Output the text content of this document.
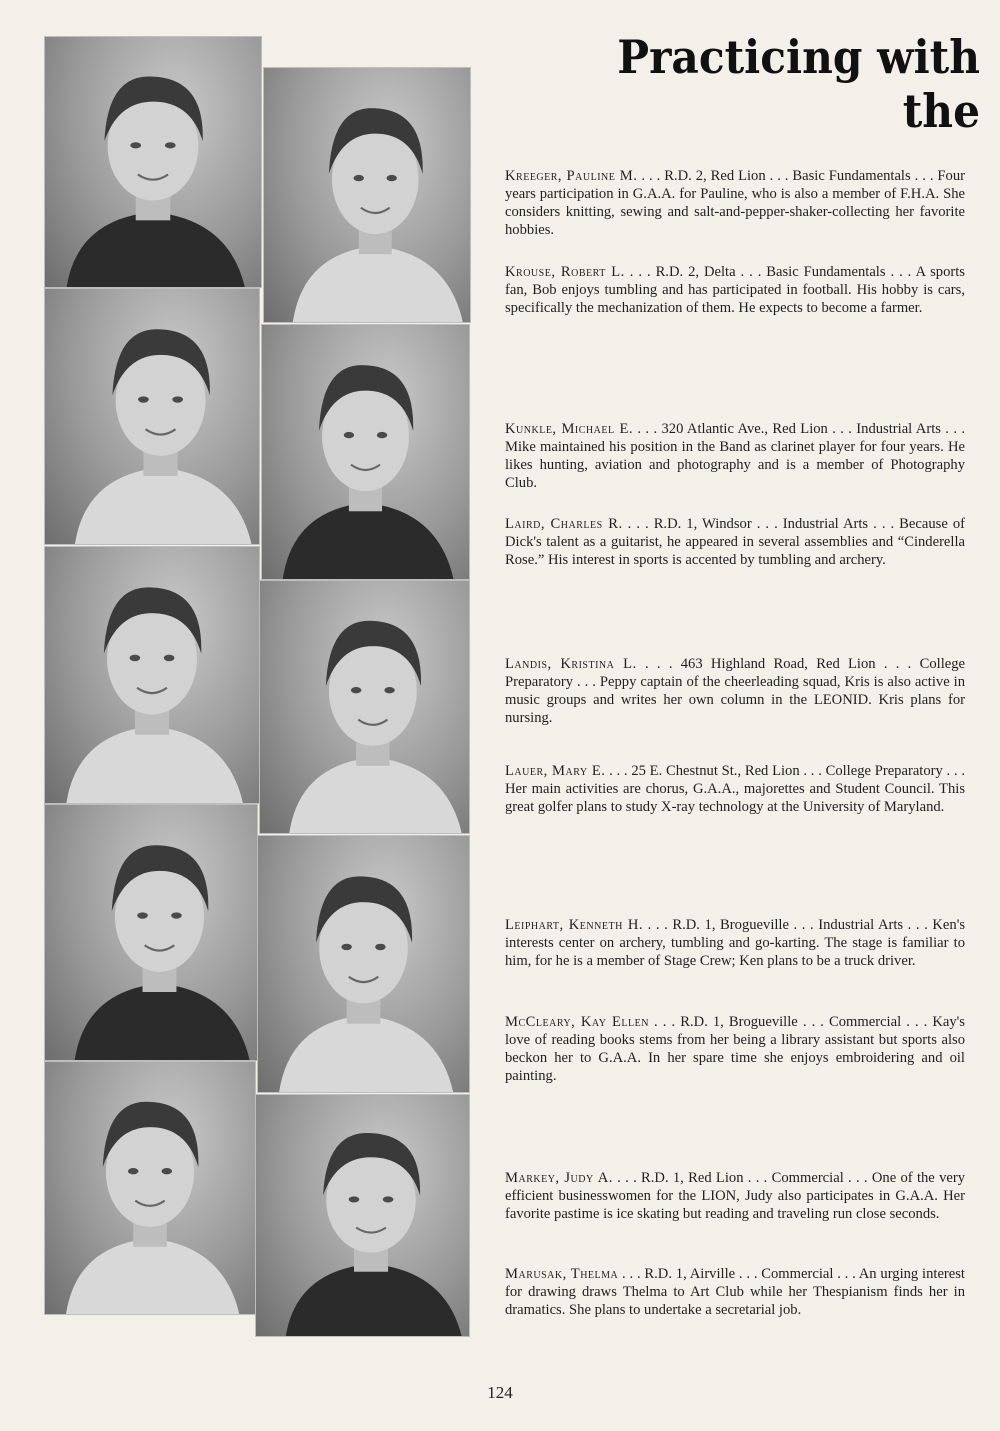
Practicing with the
Kreeger, Pauline M. . . . R.D. 2, Red Lion . . . Basic Fundamentals . . . Four years participation in G.A.A. for Pauline, who is also a member of F.H.A. She considers knitting, sewing and salt-and-pepper-shaker-collecting her favorite hobbies.
Krouse, Robert L. . . . R.D. 2, Delta . . . Basic Fundamentals . . . A sports fan, Bob enjoys tumbling and has participated in football. His hobby is cars, specifically the mechanization of them. He expects to become a farmer.
Kunkle, Michael E. . . . 320 Atlantic Ave., Red Lion . . . Industrial Arts . . . Mike maintained his position in the Band as clarinet player for four years. He likes hunting, aviation and photography and is a member of Photography Club.
Laird, Charles R. . . . R.D. 1, Windsor . . . Industrial Arts . . . Because of Dick's talent as a guitarist, he appeared in several assemblies and “Cinderella Rose.” His interest in sports is accented by tumbling and archery.
Landis, Kristina L. . . . 463 Highland Road, Red Lion . . . College Preparatory . . . Peppy captain of the cheerleading squad, Kris is also active in music groups and writes her own column in the LEONID. Kris plans for nursing.
Lauer, Mary E. . . . 25 E. Chestnut St., Red Lion . . . College Preparatory . . . Her main activities are chorus, G.A.A., majorettes and Student Council. This great golfer plans to study X-ray technology at the University of Maryland.
Leiphart, Kenneth H. . . . R.D. 1, Brogueville . . . Industrial Arts . . . Ken's interests center on archery, tumbling and go-karting. The stage is familiar to him, for he is a member of Stage Crew; Ken plans to be a truck driver.
McCleary, Kay Ellen . . . R.D. 1, Brogueville . . . Commercial . . . Kay's love of reading books stems from her being a library assistant but sports also beckon her to G.A.A. In her spare time she enjoys embroidering and oil painting.
Markey, Judy A. . . . R.D. 1, Red Lion . . . Commercial . . . One of the very efficient businesswomen for the LION, Judy also participates in G.A.A. Her favorite pastime is ice skating but reading and traveling run close seconds.
Marusak, Thelma . . . R.D. 1, Airville . . . Commercial . . . An urging interest for drawing draws Thelma to Art Club while her Thespianism finds her in dramatics. She plans to undertake a secretarial job.
124
